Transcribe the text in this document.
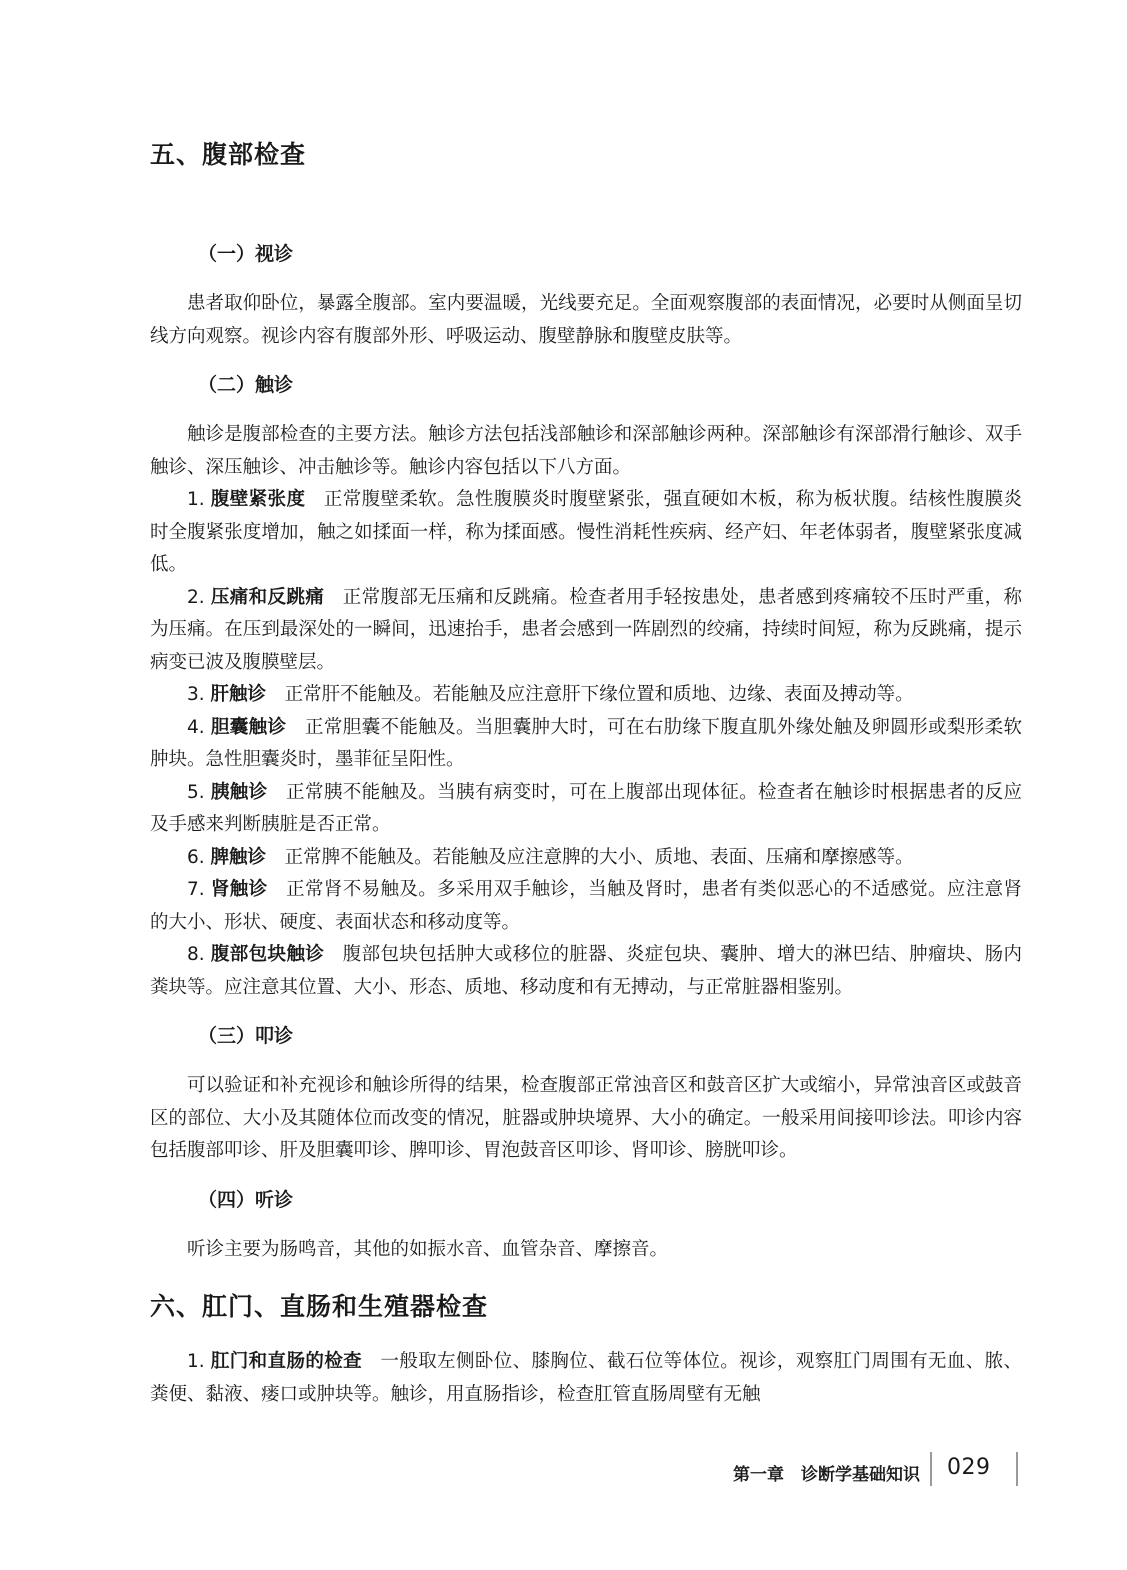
五、腹部检查
（一）视诊

患者取仰卧位，暴露全腹部。室内要温暖，光线要充足。全面观察腹部的表面情况，必要时从侧面呈切线方向观察。视诊内容有腹部外形、呼吸运动、腹壁静脉和腹壁皮肤等。

（二）触诊

触诊是腹部检查的主要方法。触诊方法包括浅部触诊和深部触诊两种。深部触诊有深部滑行触诊、双手触诊、深压触诊、冲击触诊等。触诊内容包括以下八方面。

1. 腹壁紧张度 正常腹壁柔软。急性腹膜炎时腹壁紧张，强直硬如木板，称为板状腹。结核性腹膜炎时全腹紧张度增加，触之如揉面一样，称为揉面感。慢性消耗性疾病、经产妇、年老体弱者，腹壁紧张度减低。

2. 压痛和反跳痛 正常腹部无压痛和反跳痛。检查者用手轻按患处，患者感到疼痛较不压时严重，称为压痛。在压到最深处的一瞬间，迅速抬手，患者会感到一阵剧烈的绞痛，持续时间短，称为反跳痛，提示病变已波及腹膜壁层。

3. 肝触诊 正常肝不能触及。若能触及应注意肝下缘位置和质地、边缘、表面及搏动等。

4. 胆囊触诊 正常胆囊不能触及。当胆囊肿大时，可在右肋缘下腹直肌外缘处触及卵圆形或梨形柔软肿块。急性胆囊炎时，墨菲征呈阳性。

5. 胰触诊 正常胰不能触及。当胰有病变时，可在上腹部出现体征。检查者在触诊时根据患者的反应及手感来判断胰脏是否正常。

6. 脾触诊 正常脾不能触及。若能触及应注意脾的大小、质地、表面、压痛和摩擦感等。

7. 肾触诊 正常肾不易触及。多采用双手触诊，当触及肾时，患者有类似恶心的不适感觉。应注意肾的大小、形状、硬度、表面状态和移动度等。

8. 腹部包块触诊 腹部包块包括肿大或移位的脏器、炎症包块、囊肿、增大的淋巴结、肿瘤块、肠内粪块等。应注意其位置、大小、形态、质地、移动度和有无搏动，与正常脏器相鉴别。

（三）叩诊

可以验证和补充视诊和触诊所得的结果，检查腹部正常浊音区和鼓音区扩大或缩小，异常浊音区或鼓音区的部位、大小及其随体位而改变的情况，脏器或肿块境界、大小的确定。一般采用间接叩诊法。叩诊内容包括腹部叩诊、肝及胆囊叩诊、脾叩诊、胃泡鼓音区叩诊、肾叩诊、膀胱叩诊。

（四）听诊

听诊主要为肠鸣音，其他的如振水音、血管杂音、摩擦音。

六、肛门、直肠和生殖器检查

1. 肛门和直肠的检查 一般取左侧卧位、膝胸位、截石位等体位。视诊，观察肛门周围有无血、脓、粪便、黏液、瘘口或肿块等。触诊，用直肠指诊，检查肛管直肠周壁有无触

第一章　诊断学基础知识 029
